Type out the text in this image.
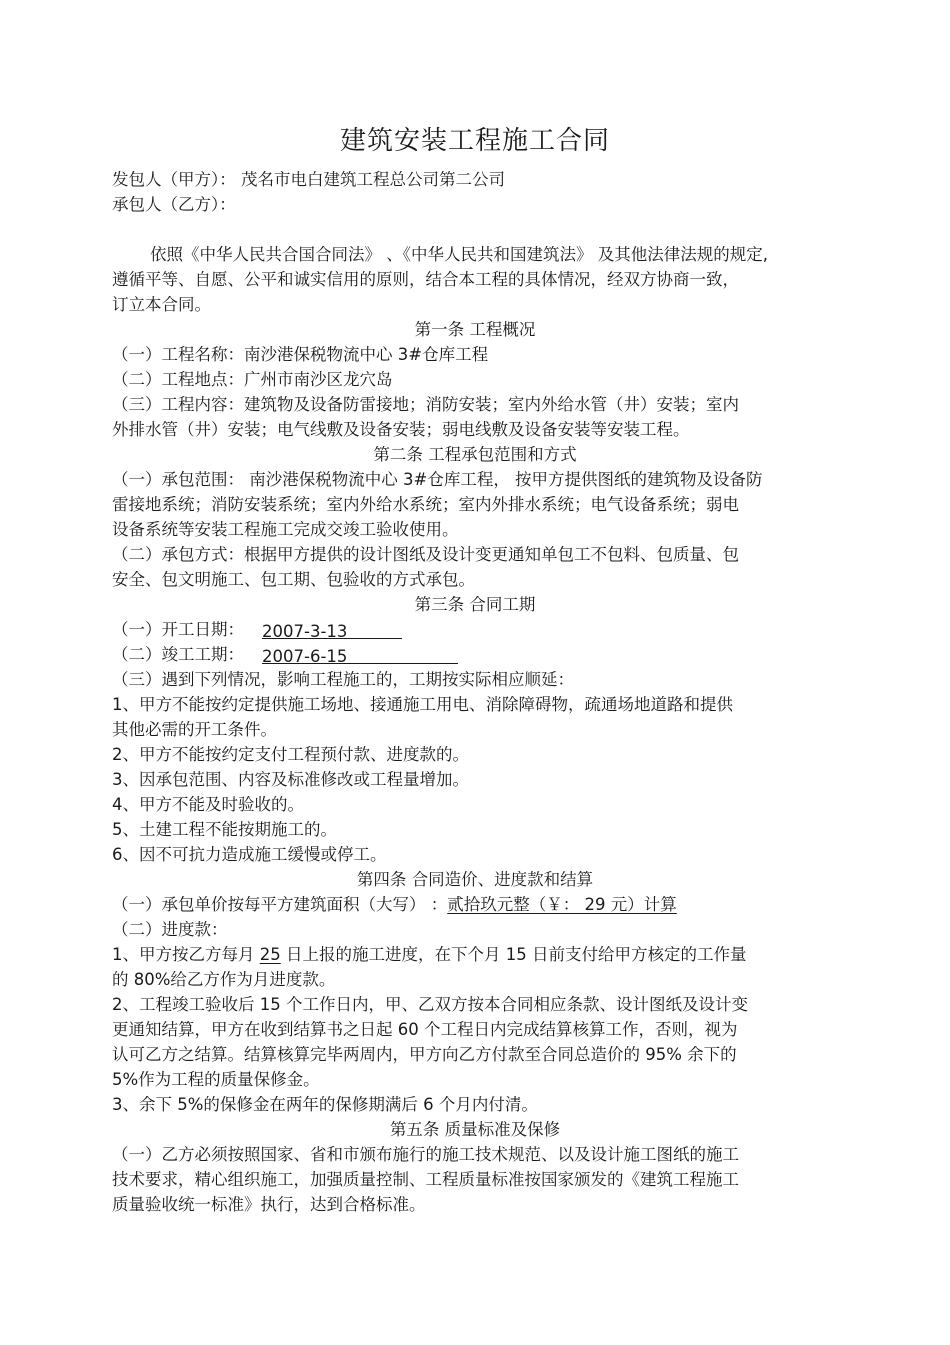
建筑安装工程施工合同
发包人（甲方）： 茂名市电白建筑工程总公司第二公司
承包人（乙方）：
依照《中华人民共合国合同法》 、《中华人民共和国建筑法》 及其他法律法规的规定,
遵循平等、自愿、公平和诚实信用的原则，结合本工程的具体情况，经双方协商一致，
订立本合同。
第一条 工程概况
（一）工程名称：南沙港保税物流中心 3#仓库工程
（二）工程地点：广州市南沙区龙穴岛
（三）工程内容：建筑物及设备防雷接地；消防安装；室内外给水管（井）安装；室内
外排水管（井）安装；电气线敷及设备安装；弱电线敷及设备安装等安装工程。
第二条 工程承包范围和方式
（一）承包范围： 南沙港保税物流中心 3#仓库工程， 按甲方提供图纸的建筑物及设备防
雷接地系统；消防安装系统；室内外给水系统；室内外排水系统；电气设备系统；弱电
设备系统等安装工程施工完成交竣工验收使用。
（二）承包方式：根据甲方提供的设计图纸及设计变更通知单包工不包料、包质量、包
安全、包文明施工、包工期、包验收的方式承包。
第三条 合同工期
（一）开工日期： 2007-3-13
（二）竣工工期： 2007-6-15
（三）遇到下列情况，影响工程施工的，工期按实际相应顺延：
1、甲方不能按约定提供施工场地、接通施工用电、消除障碍物，疏通场地道路和提供
其他必需的开工条件。
2、甲方不能按约定支付工程预付款、进度款的。
3、因承包范围、内容及标准修改或工程量增加。
4、甲方不能及时验收的。
5、土建工程不能按期施工的。
6、因不可抗力造成施工缓慢或停工。
第四条 合同造价、进度款和结算
（一）承包单价按每平方建筑面积（大写） ：贰拾玖元整（￥： 29 元）计算
（二）进度款：
1、甲方按乙方每月 25 日上报的施工进度，在下个月 15 日前支付给甲方核定的工作量
的 80%给乙方作为月进度款。
2、工程竣工验收后 15 个工作日内，甲、乙双方按本合同相应条款、设计图纸及设计变
更通知结算，甲方在收到结算书之日起 60 个工程日内完成结算核算工作，否则，视为
认可乙方之结算。结算核算完毕两周内，甲方向乙方付款至合同总造价的 95% 余下的
5%作为工程的质量保修金。
3、余下 5%的保修金在两年的保修期满后 6 个月内付清。
第五条 质量标准及保修
（一）乙方必须按照国家、省和市颁布施行的施工技术规范、以及设计施工图纸的施工
技术要求，精心组织施工，加强质量控制、工程质量标准按国家颁发的《建筑工程施工
质量验收统一标准》执行，达到合格标准。
